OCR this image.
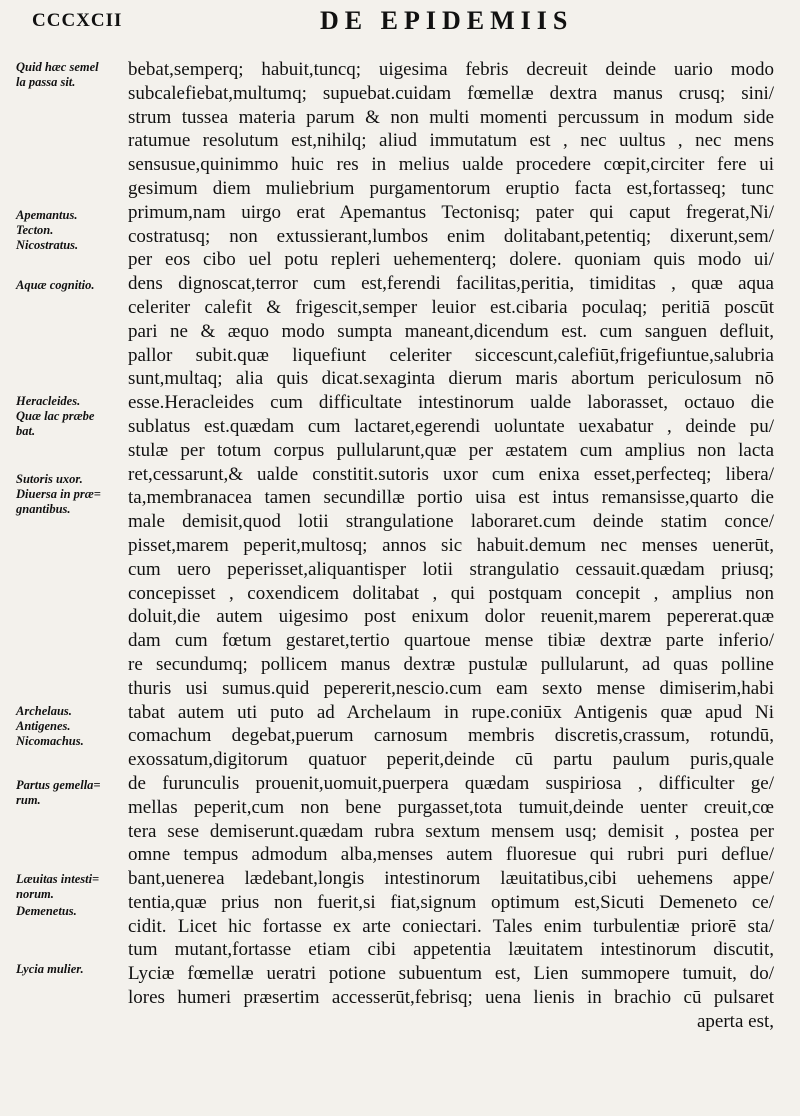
CCCXCII	DE EPIDEMIIS

Quid hæc semel
la passa sit.
Apemantus.
Tecton.
Nicostratus.
Aquæ cognitio.
Heracleides.
Quæ lac præbe
bat.
Sutoris uxor.
Diuersa in præ=
gnantibus.
Archelaus.
Antigenes.
Nicomachus.
Partus gemella=
rum.
Læuitas intesti=
norum.
Demenetus.
Lycia mulier.
bebat,semperq; habuit,tuncq; uigesima febris decreuit deinde uario modo
subcalefiebat,multumq; supuebat.cuidam fœmellæ dextra manus crusq; sini/
strum tussea materia parum & non multi momenti percussum in modum side
ratumue resolutum est,nihilq; aliud immutatum est , nec uultus , nec mens
sensusue,quinimmo huic res in melius ualde procedere cœpit,circiter fere ui
gesimum diem muliebrium purgamentorum eruptio facta est,fortasseq; tunc
primum,nam uirgo erat Apemantus Tectonisq; pater qui caput fregerat,Ni/
costratusq; non extussierant,lumbos enim dolitabant,petentiq; dixerunt,sem/
per eos cibo uel potu repleri uehementerq; dolere. quoniam quis modo ui/
dens dignoscat,terror cum est,ferendi facilitas,peritia, timiditas , quæ aqua
celeriter calefit & frigescit,semper leuior est.cibaria poculaq; peritiā poscūt
pari ne & æquo modo sumpta maneant,dicendum est. cum sanguen defluit,
pallor subit.quæ liquefiunt celeriter siccescunt,calefiūt,frigefiuntue,salubria
sunt,multaq; alia quis dicat.sexaginta dierum maris abortum periculosum nō
esse.Heracleides cum difficultate intestinorum ualde laborasset, octauo die
sublatus est.quædam cum lactaret,egerendi uoluntate uexabatur , deinde pu/
stulæ per totum corpus pullularunt,quæ per æstatem cum amplius non lacta
ret,cessarunt,& ualde constitit.sutoris uxor cum enixa esset,perfecteq; libera/
ta,membranacea tamen secundillæ portio uisa est intus remansisse,quarto die
male demisit,quod lotii strangulatione laboraret.cum deinde statim conce/
pisset,marem peperit,multosq; annos sic habuit.demum nec menses uenerūt,
cum uero peperisset,aliquantisper lotii strangulatio cessauit.quædam priusq;
concepisset , coxendicem dolitabat , qui postquam concepit , amplius non
doluit,die autem uigesimo post enixum dolor reuenit,marem pepererat.quæ
dam cum fœtum gestaret,tertio quartoue mense tibiæ dextræ parte inferio/
re secundumq; pollicem manus dextræ pustulæ pullularunt, ad quas polline
thuris usi sumus.quid pepererit,nescio.cum eam sexto mense dimiserim,habi
tabat autem uti puto ad Archelaum in rupe.coniūx Antigenis quæ apud Ni
comachum degebat,puerum carnosum membris discretis,crassum, rotundū,
exossatum,digitorum quatuor peperit,deinde cū partu paulum puris,quale
de furunculis prouenit,uomuit,puerpera quædam suspiriosa , difficulter ge/
mellas peperit,cum non bene purgasset,tota tumuit,deinde uenter creuit,cœ
tera sese demiserunt.quædam rubra sextum mensem usq; demisit , postea per
omne tempus admodum alba,menses autem fluoresue qui rubri puri deflue/
bant,uenerea lædebant,longis intestinorum læuitatibus,cibi uehemens appe/
tentia,quæ prius non fuerit,si fiat,signum optimum est,Sicuti Demeneto ce/
cidit. Licet hic fortasse ex arte coniectari. Tales enim turbulentiæ priorē sta/
tum mutant,fortasse etiam cibi appetentia læuitatem intestinorum discutit,
Lyciæ fœmellæ ueratri potione subuentum est, Lien summopere tumuit, do/
lores humeri præsertim accesserūt,febrisq; uena lienis in brachio cū pulsaret
aperta est,
